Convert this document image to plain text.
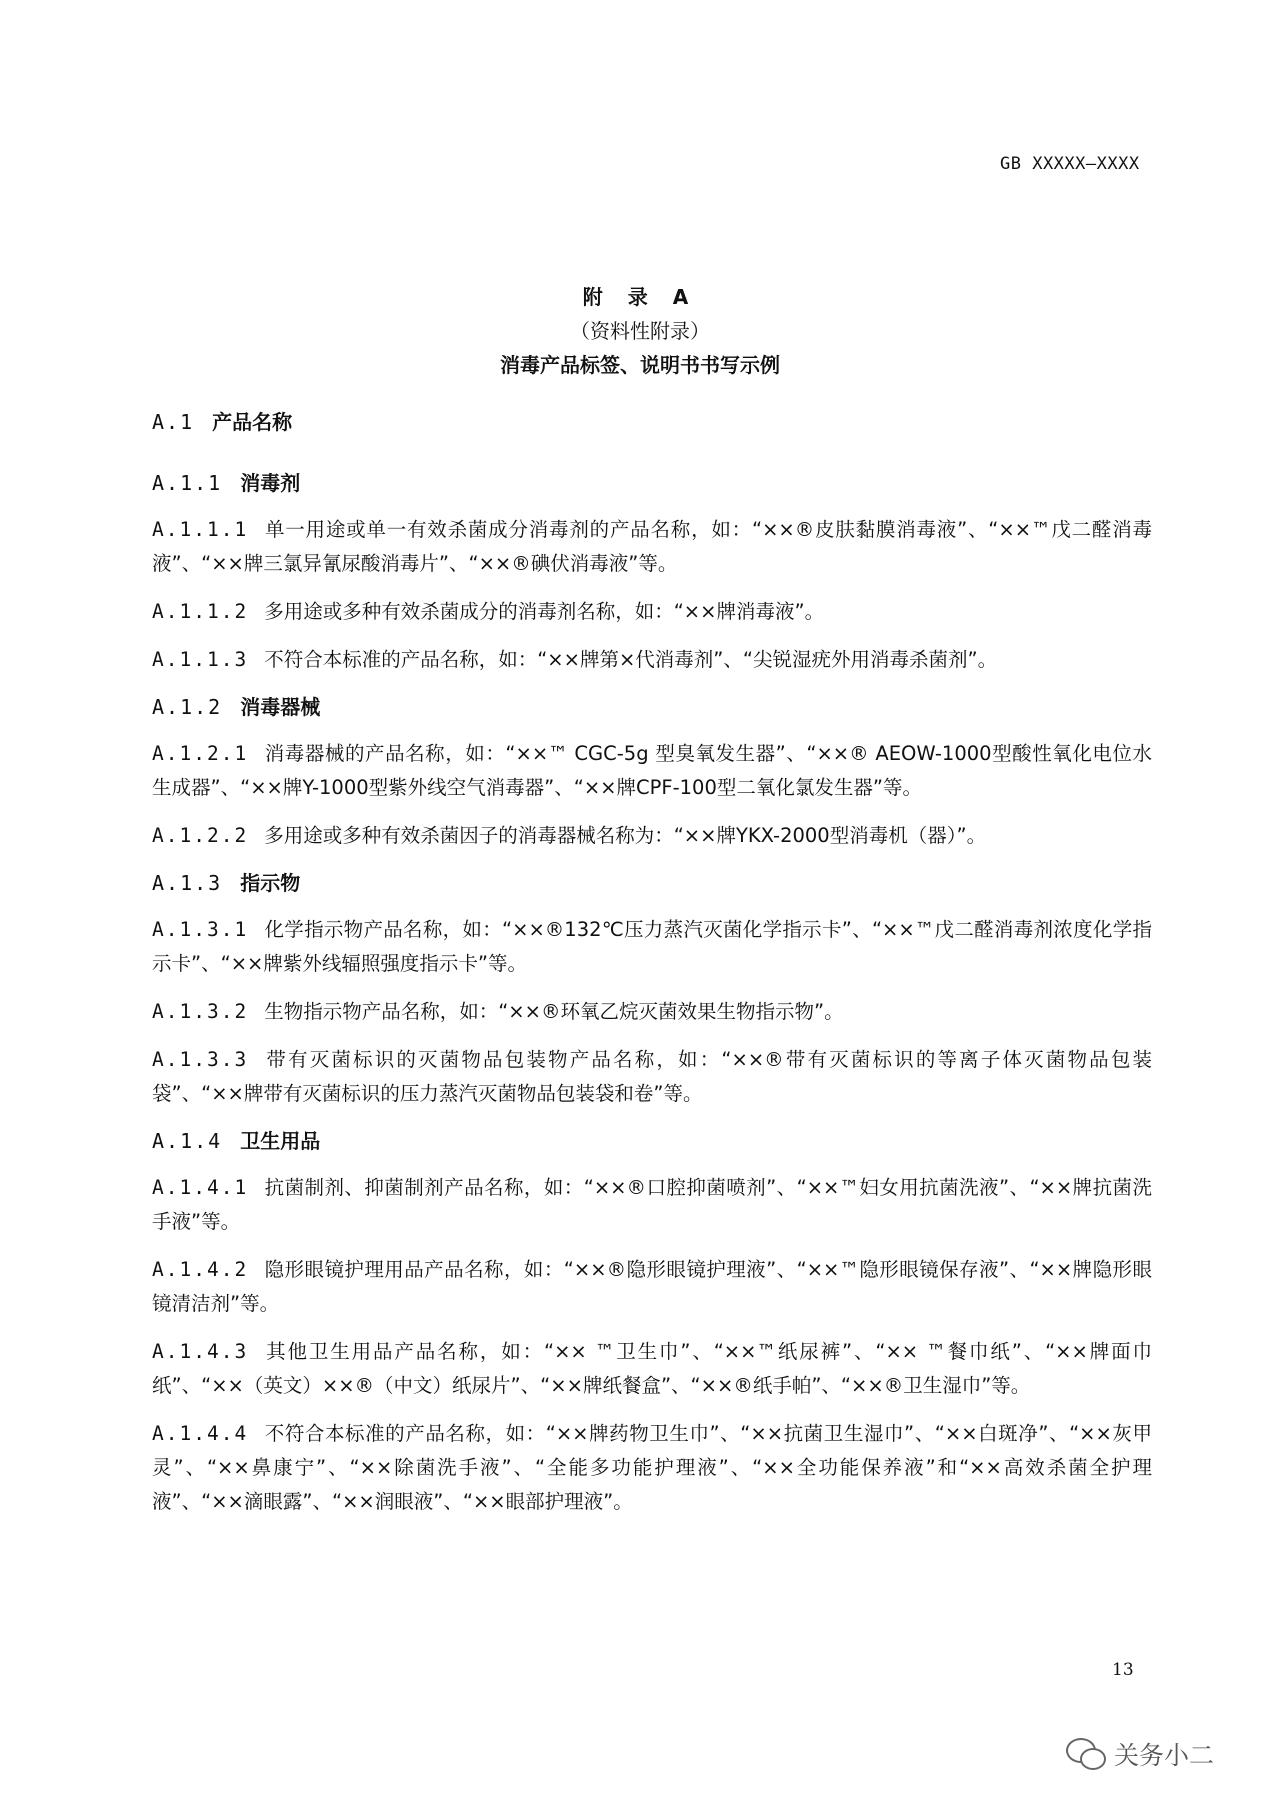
GB XXXXX—XXXX
附 录 A
（资料性附录）
消毒产品标签、说明书书写示例
A.1 产品名称
A.1.1 消毒剂

A.1.1.1 单一用途或单一有效杀菌成分消毒剂的产品名称，如：“××®皮肤黏膜消毒液”、“××™戊二醛消毒液”、“××牌三氯异氰尿酸消毒片”、“××®碘伏消毒液”等。

A.1.1.2 多用途或多种有效杀菌成分的消毒剂名称，如：“××牌消毒液”。

A.1.1.3 不符合本标准的产品名称，如：“××牌第×代消毒剂”、“尖锐湿疣外用消毒杀菌剂”。

A.1.2 消毒器械

A.1.2.1 消毒器械的产品名称，如：“××™ CGC-5g 型臭氧发生器”、“××® AEOW-1000型酸性氧化电位水生成器”、“××牌Y-1000型紫外线空气消毒器”、“××牌CPF-100型二氧化氯发生器”等。

A.1.2.2 多用途或多种有效杀菌因子的消毒器械名称为：“××牌YKX-2000型消毒机（器）”。

A.1.3 指示物

A.1.3.1 化学指示物产品名称，如：“××®132℃压力蒸汽灭菌化学指示卡”、“××™戊二醛消毒剂浓度化学指示卡”、“××牌紫外线辐照强度指示卡”等。

A.1.3.2 生物指示物产品名称，如：“××®环氧乙烷灭菌效果生物指示物”。

A.1.3.3 带有灭菌标识的灭菌物品包装物产品名称，如：“××®带有灭菌标识的等离子体灭菌物品包装袋”、“××牌带有灭菌标识的压力蒸汽灭菌物品包装袋和卷”等。

A.1.4 卫生用品

A.1.4.1 抗菌制剂、抑菌制剂产品名称，如：“××®口腔抑菌喷剂”、“××™妇女用抗菌洗液”、“××牌抗菌洗手液”等。

A.1.4.2 隐形眼镜护理用品产品名称，如：“××®隐形眼镜护理液”、“××™隐形眼镜保存液”、“××牌隐形眼镜清洁剂”等。

A.1.4.3 其他卫生用品产品名称，如：“×× ™卫生巾”、“××™纸尿裤”、“×× ™餐巾纸”、“××牌面巾纸”、“××（英文）××®（中文）纸尿片”、“××牌纸餐盒”、“××®纸手帕”、“××®卫生湿巾”等。

A.1.4.4 不符合本标准的产品名称，如：“××牌药物卫生巾”、“××抗菌卫生湿巾”、“××白斑净”、“××灰甲灵”、“××鼻康宁”、“××除菌洗手液”、“全能多功能护理液”、“××全功能保养液”和“××高效杀菌全护理液”、“××滴眼露”、“××润眼液”、“××眼部护理液”。

13
关务小二
